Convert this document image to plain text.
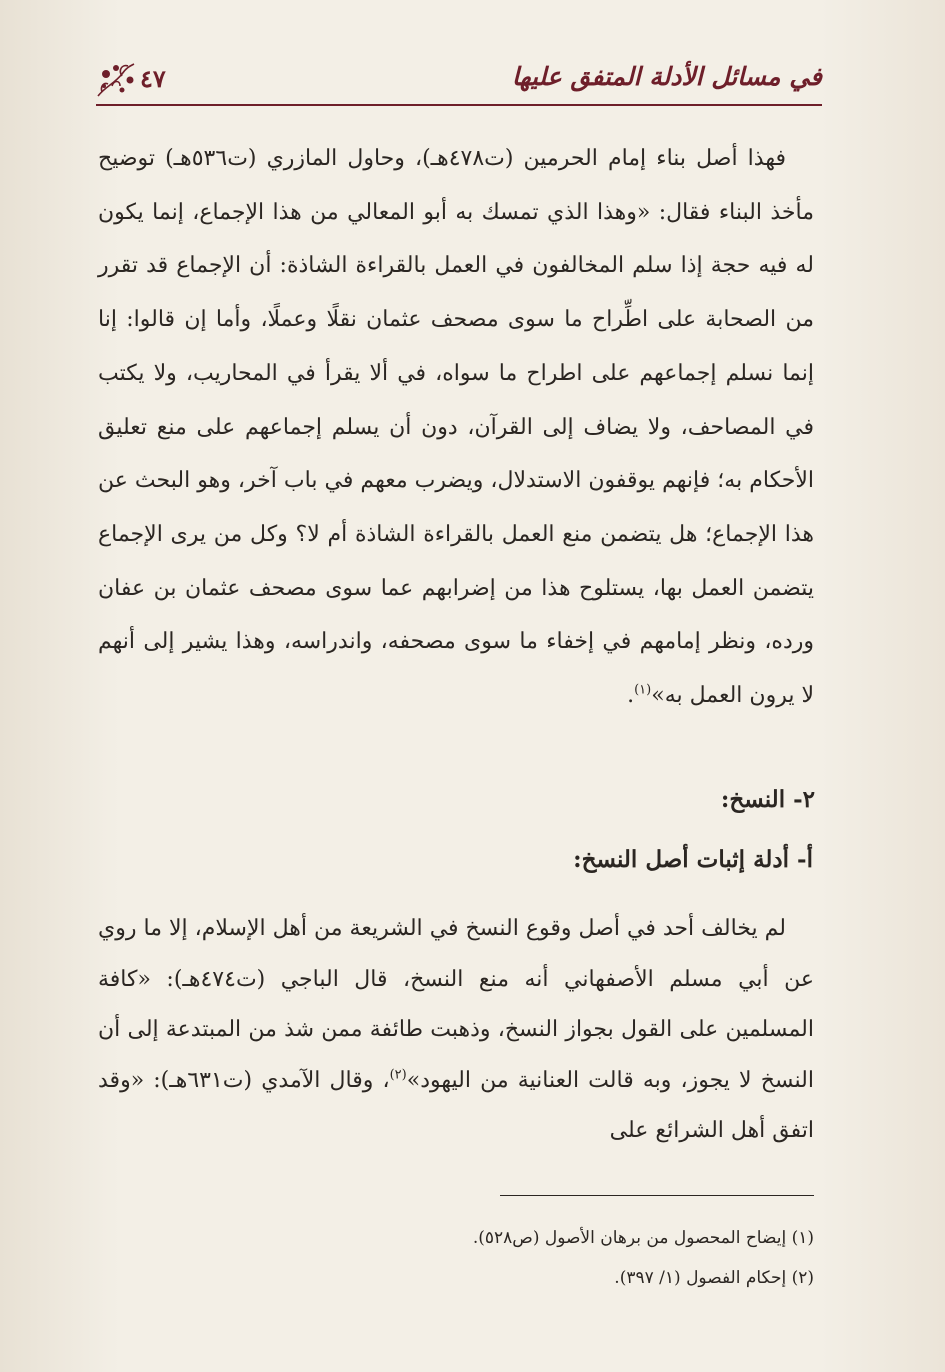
في مسائل الأدلة المتفق عليها
٤٧

فهذا أصل بناء إمام الحرمين (ت٤٧٨هـ)، وحاول المازري (ت٥٣٦هـ) توضيح مأخذ البناء فقال: «وهذا الذي تمسك به أبو المعالي من هذا الإجماع، إنما يكون له فيه حجة إذا سلم المخالفون في العمل بالقراءة الشاذة: أن الإجماع قد تقرر من الصحابة على اطِّراح ما سوى مصحف عثمان نقلًا وعملًا، وأما إن قالوا: إنا إنما نسلم إجماعهم على اطراح ما سواه، في ألا يقرأ في المحاريب، ولا يكتب في المصاحف، ولا يضاف إلى القرآن، دون أن يسلم إجماعهم على منع تعليق الأحكام به؛ فإنهم يوقفون الاستدلال، ويضرب معهم في باب آخر، وهو البحث عن هذا الإجماع؛ هل يتضمن منع العمل بالقراءة الشاذة أم لا؟ وكل من يرى الإجماع يتضمن العمل بها، يستلوح هذا من إضرابهم عما سوى مصحف عثمان بن عفان ورده، ونظر إمامهم في إخفاء ما سوى مصحفه، واندراسه، وهذا يشير إلى أنهم لا يرون العمل به»$^{(١)}$.

٢- النسخ:
أ- أدلة إثبات أصل النسخ:

لم يخالف أحد في أصل وقوع النسخ في الشريعة من أهل الإسلام، إلا ما روي عن أبي مسلم الأصفهاني أنه منع النسخ، قال الباجي (ت٤٧٤هـ): «كافة المسلمين على القول بجواز النسخ، وذهبت طائفة ممن شذ من المبتدعة إلى أن النسخ لا يجوز، وبه قالت العنانية من اليهود»$^{(٢)}$، وقال الآمدي (ت٦٣١هـ): «وقد اتفق أهل الشرائع على

(١) إيضاح المحصول من برهان الأصول (ص٥٢٨).
(٢) إحكام الفصول (١/ ٣٩٧).
